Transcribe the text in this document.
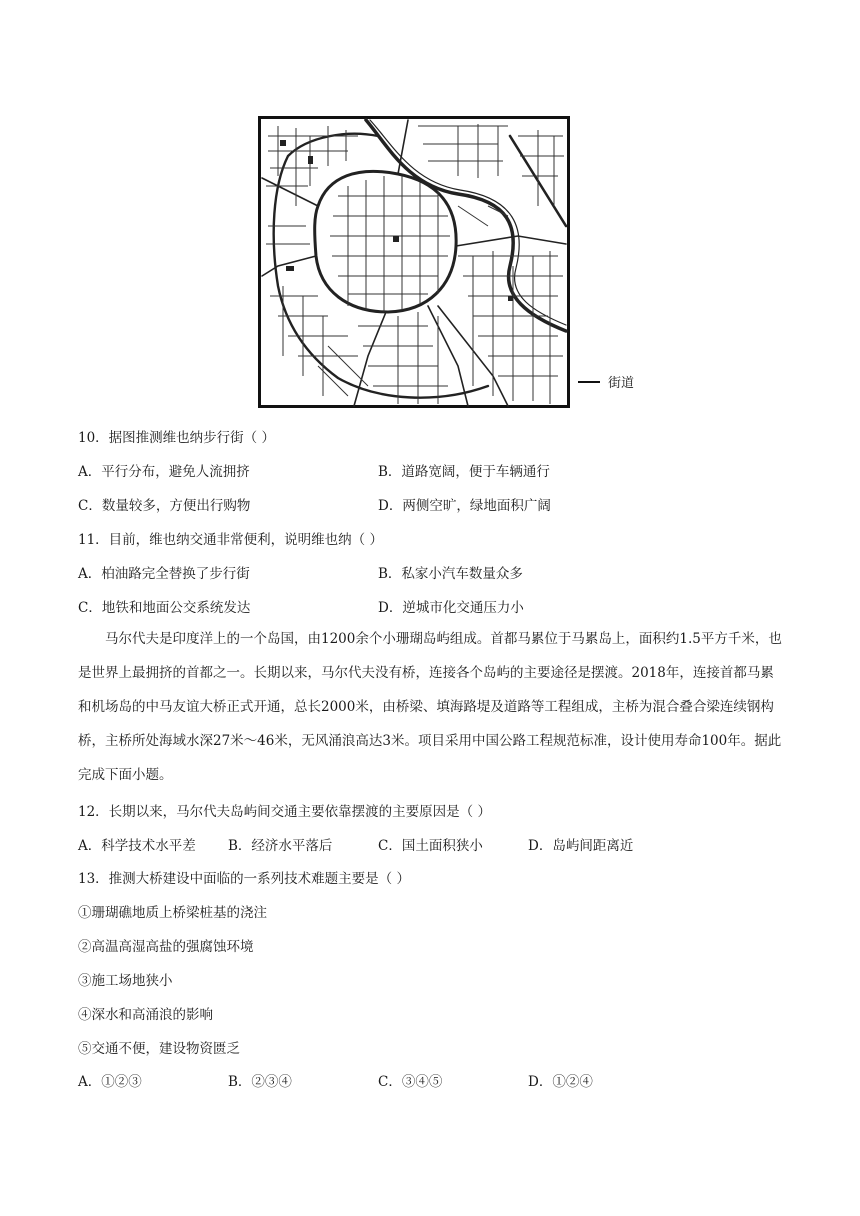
街道
10．据图推测维也纳步行街（ ）
A．平行分布，避免人流拥挤	B．道路宽阔，便于车辆通行
C．数量较多，方便出行购物	D．两侧空旷，绿地面积广阔
11．目前，维也纳交通非常便利，说明维也纳（ ）
A．柏油路完全替换了步行街	B．私家小汽车数量众多
C．地铁和地面公交系统发达	D．逆城市化交通压力小
马尔代夫是印度洋上的一个岛国，由1200余个小珊瑚岛屿组成。首都马累位于马累岛上，面积约1.5平方千米，也是世界上最拥挤的首都之一。长期以来，马尔代夫没有桥，连接各个岛屿的主要途径是摆渡。2018年，连接首都马累和机场岛的中马友谊大桥正式开通，总长2000米，由桥梁、填海路堤及道路等工程组成，主桥为混合叠合梁连续钢构桥，主桥所处海域水深27米～46米，无风涌浪高达3米。项目采用中国公路工程规范标准，设计使用寿命100年。据此完成下面小题。
12．长期以来，马尔代夫岛屿间交通主要依靠摆渡的主要原因是（ ）
A．科学技术水平差 B．经济水平落后	C．国土面积狭小	D．岛屿间距离近
13．推测大桥建设中面临的一系列技术难题主要是（ ）
①珊瑚礁地质上桥梁桩基的浇注
②高温高湿高盐的强腐蚀环境
③施工场地狭小
④深水和高涌浪的影响
⑤交通不便，建设物资匮乏
A．①②③	B．②③④	C．③④⑤	D．①②④
